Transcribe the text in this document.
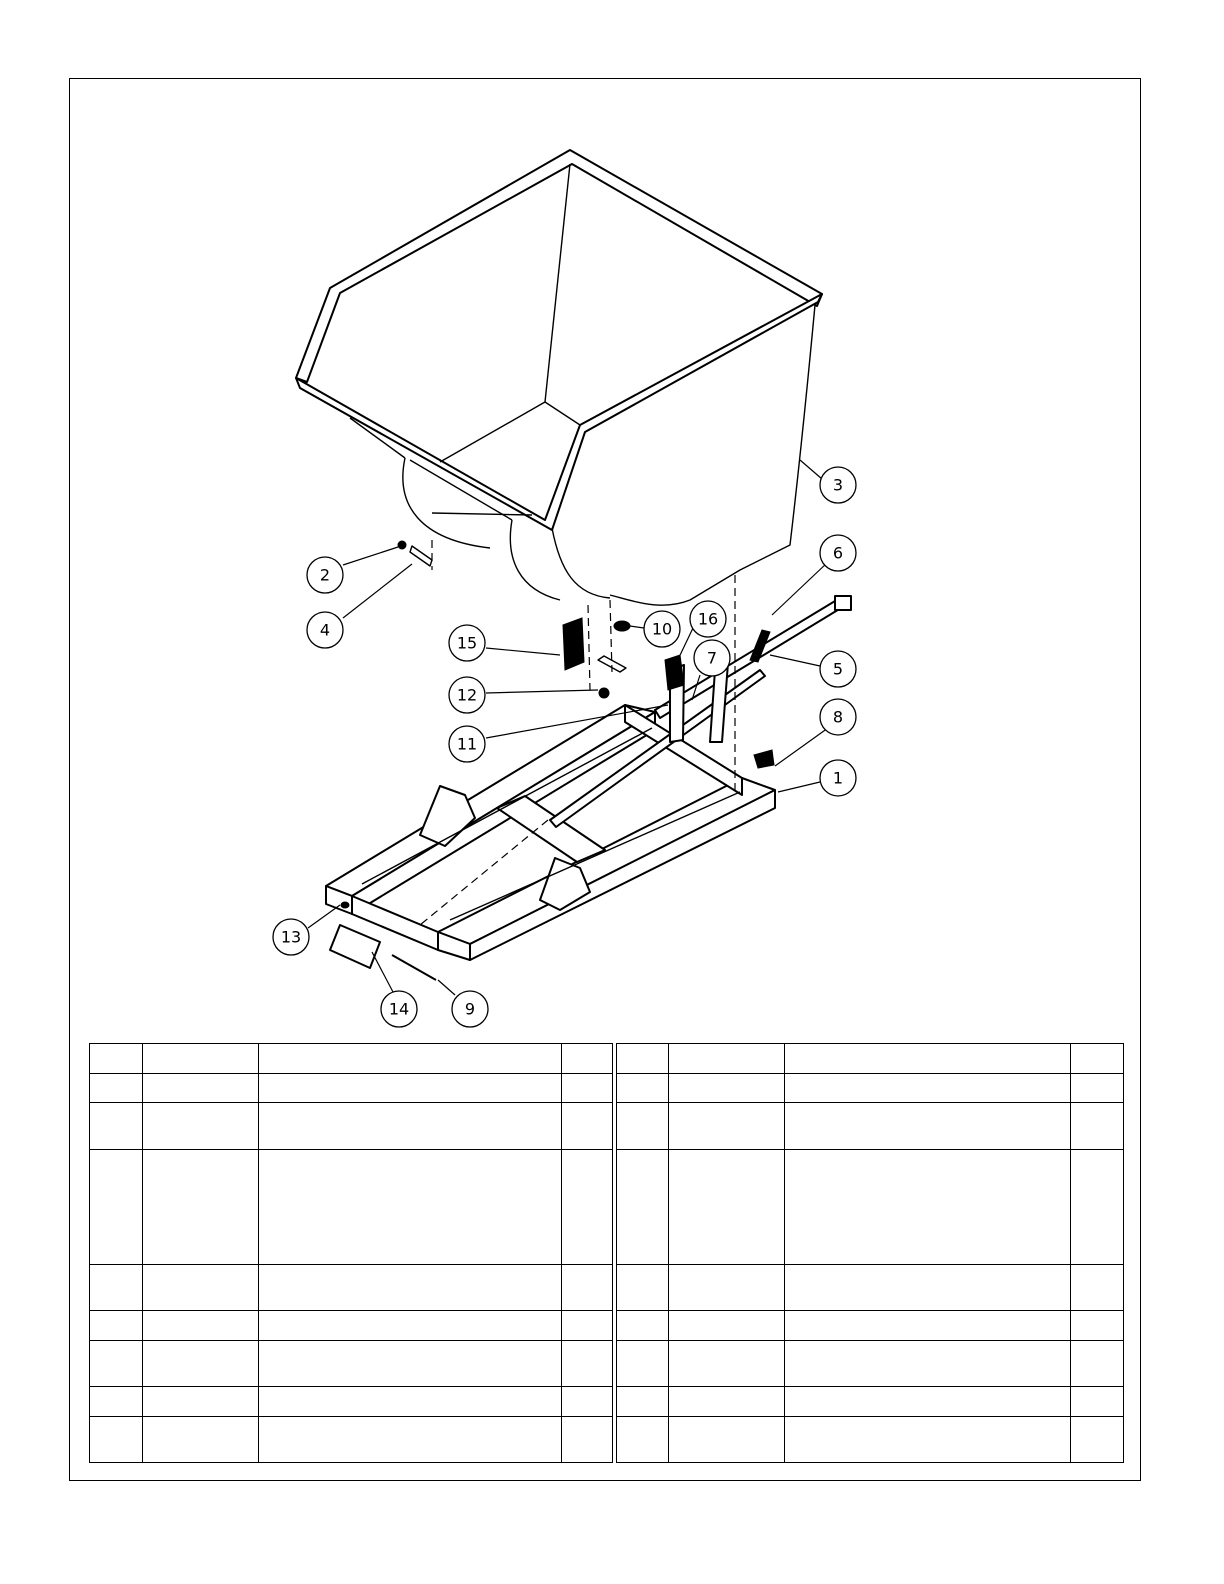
3
2
4
6
16
10
15
7
5
12
8
11
1
13
14	9
